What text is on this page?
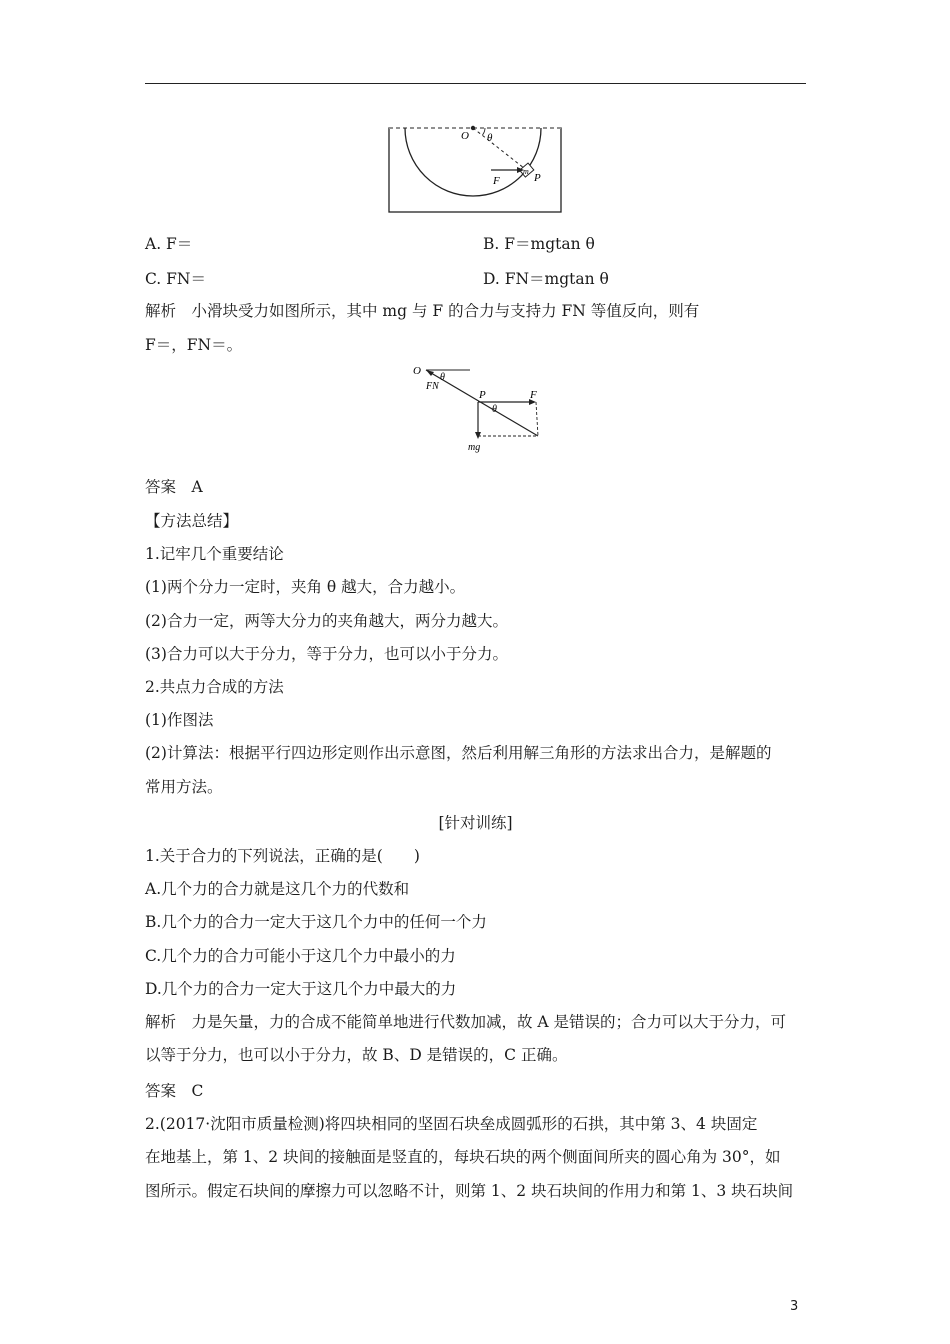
O θ
F
m
P
A. F＝	B. F＝mgtan θ
C. FN＝	D. FN＝mgtan θ
解析　小滑块受力如图所示，其中 mg 与 F 的合力与支持力 FN 等值反向，则有
F＝，FN＝。
O
θ
FN
P
θ
F
mg
答案　A
【方法总结】
1.记牢几个重要结论
(1)两个分力一定时，夹角 θ 越大，合力越小。
(2)合力一定，两等大分力的夹角越大，两分力越大。
(3)合力可以大于分力，等于分力，也可以小于分力。
2.共点力合成的方法
(1)作图法
(2)计算法：根据平行四边形定则作出示意图，然后利用解三角形的方法求出合力，是解题的
常用方法。
[针对训练]
1.关于合力的下列说法，正确的是(　　)
A.几个力的合力就是这几个力的代数和
B.几个力的合力一定大于这几个力中的任何一个力
C.几个力的合力可能小于这几个力中最小的力
D.几个力的合力一定大于这几个力中最大的力
解析　力是矢量，力的合成不能简单地进行代数加减，故 A 是错误的；合力可以大于分力，可
以等于分力，也可以小于分力，故 B、D 是错误的，C 正确。
答案　C
2.(2017·沈阳市质量检测)将四块相同的坚固石块垒成圆弧形的石拱，其中第 3、4 块固定
在地基上，第 1、2 块间的接触面是竖直的，每块石块的两个侧面间所夹的圆心角为 30°，如
图所示。假定石块间的摩擦力可以忽略不计，则第 1、2 块石块间的作用力和第 1、3 块石块间
3
